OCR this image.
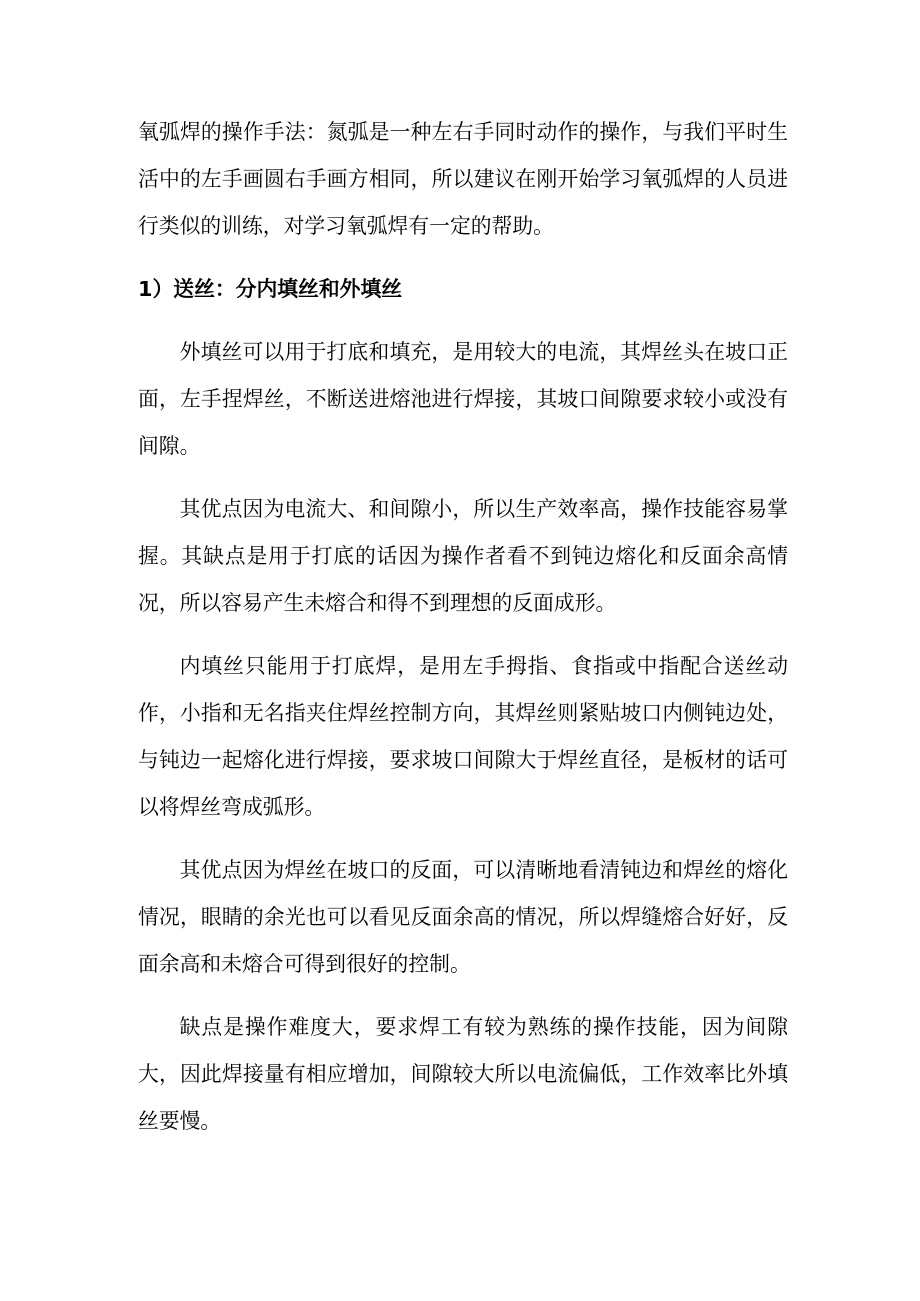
氧弧焊的操作手法：氮弧是一种左右手同时动作的操作，与我们平时生活中的左手画圆右手画方相同，所以建议在刚开始学习氧弧焊的人员进行类似的训练，对学习氧弧焊有一定的帮助。

1）送丝：分内填丝和外填丝

外填丝可以用于打底和填充，是用较大的电流，其焊丝头在坡口正面，左手捏焊丝，不断送进熔池进行焊接，其坡口间隙要求较小或没有间隙。

其优点因为电流大、和间隙小，所以生产效率高，操作技能容易掌握。其缺点是用于打底的话因为操作者看不到钝边熔化和反面余高情况，所以容易产生未熔合和得不到理想的反面成形。

内填丝只能用于打底焊，是用左手拇指、食指或中指配合送丝动作，小指和无名指夹住焊丝控制方向，其焊丝则紧贴坡口内侧钝边处，与钝边一起熔化进行焊接，要求坡口间隙大于焊丝直径，是板材的话可以将焊丝弯成弧形。

其优点因为焊丝在坡口的反面，可以清晰地看清钝边和焊丝的熔化情况，眼睛的余光也可以看见反面余高的情况，所以焊缝熔合好好，反面余高和未熔合可得到很好的控制。

缺点是操作难度大，要求焊工有较为熟练的操作技能，因为间隙大，因此焊接量有相应增加，间隙较大所以电流偏低，工作效率比外填丝要慢。
